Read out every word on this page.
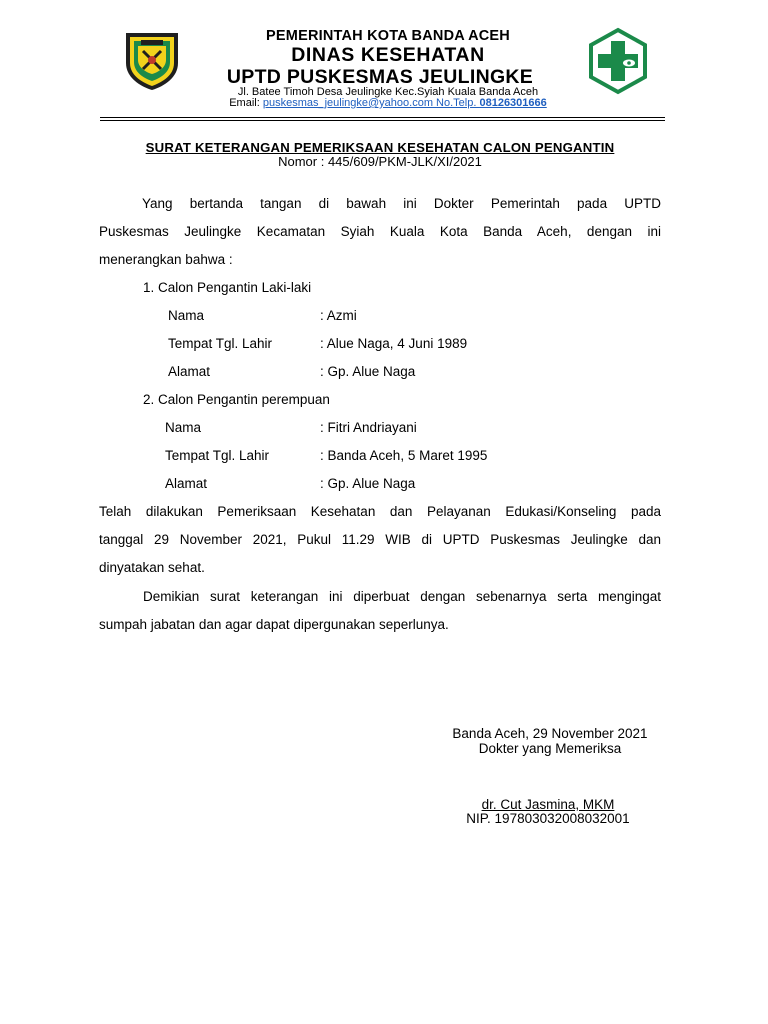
PEMERINTAH KOTA BANDA ACEH
DINAS KESEHATAN
UPTD PUSKESMAS JEULINGKE
Jl. Batee Timoh Desa Jeulingke Kec.Syiah Kuala Banda Aceh
Email: puskesmas_jeulingke@yahoo.com No.Telp. 08126301666
SURAT KETERANGAN PEMERIKSAAN KESEHATAN CALON PENGANTIN
Nomor : 445/609/PKM-JLK/XI/2021
Yang bertanda tangan di bawah ini Dokter Pemerintah pada UPTD
Puskesmas Jeulingke Kecamatan Syiah Kuala Kota Banda Aceh, dengan ini
menerangkan bahwa :
1. Calon Pengantin Laki-laki
Nama	: Azmi
Tempat Tgl. Lahir	: Alue Naga, 4 Juni 1989
Alamat	: Gp. Alue Naga
2. Calon Pengantin perempuan
Nama	: Fitri Andriayani
Tempat Tgl. Lahir	: Banda Aceh, 5 Maret 1995
Alamat	: Gp. Alue Naga
Telah dilakukan Pemeriksaan Kesehatan dan Pelayanan Edukasi/Konseling pada
tanggal 29 November 2021, Pukul 11.29 WIB di UPTD Puskesmas Jeulingke dan
dinyatakan sehat.
Demikian surat keterangan ini diperbuat dengan sebenarnya serta mengingat
sumpah jabatan dan agar dapat dipergunakan seperlunya.
Banda Aceh, 29 November 2021
Dokter yang Memeriksa
dr. Cut Jasmina, MKM
NIP. 197803032008032001
